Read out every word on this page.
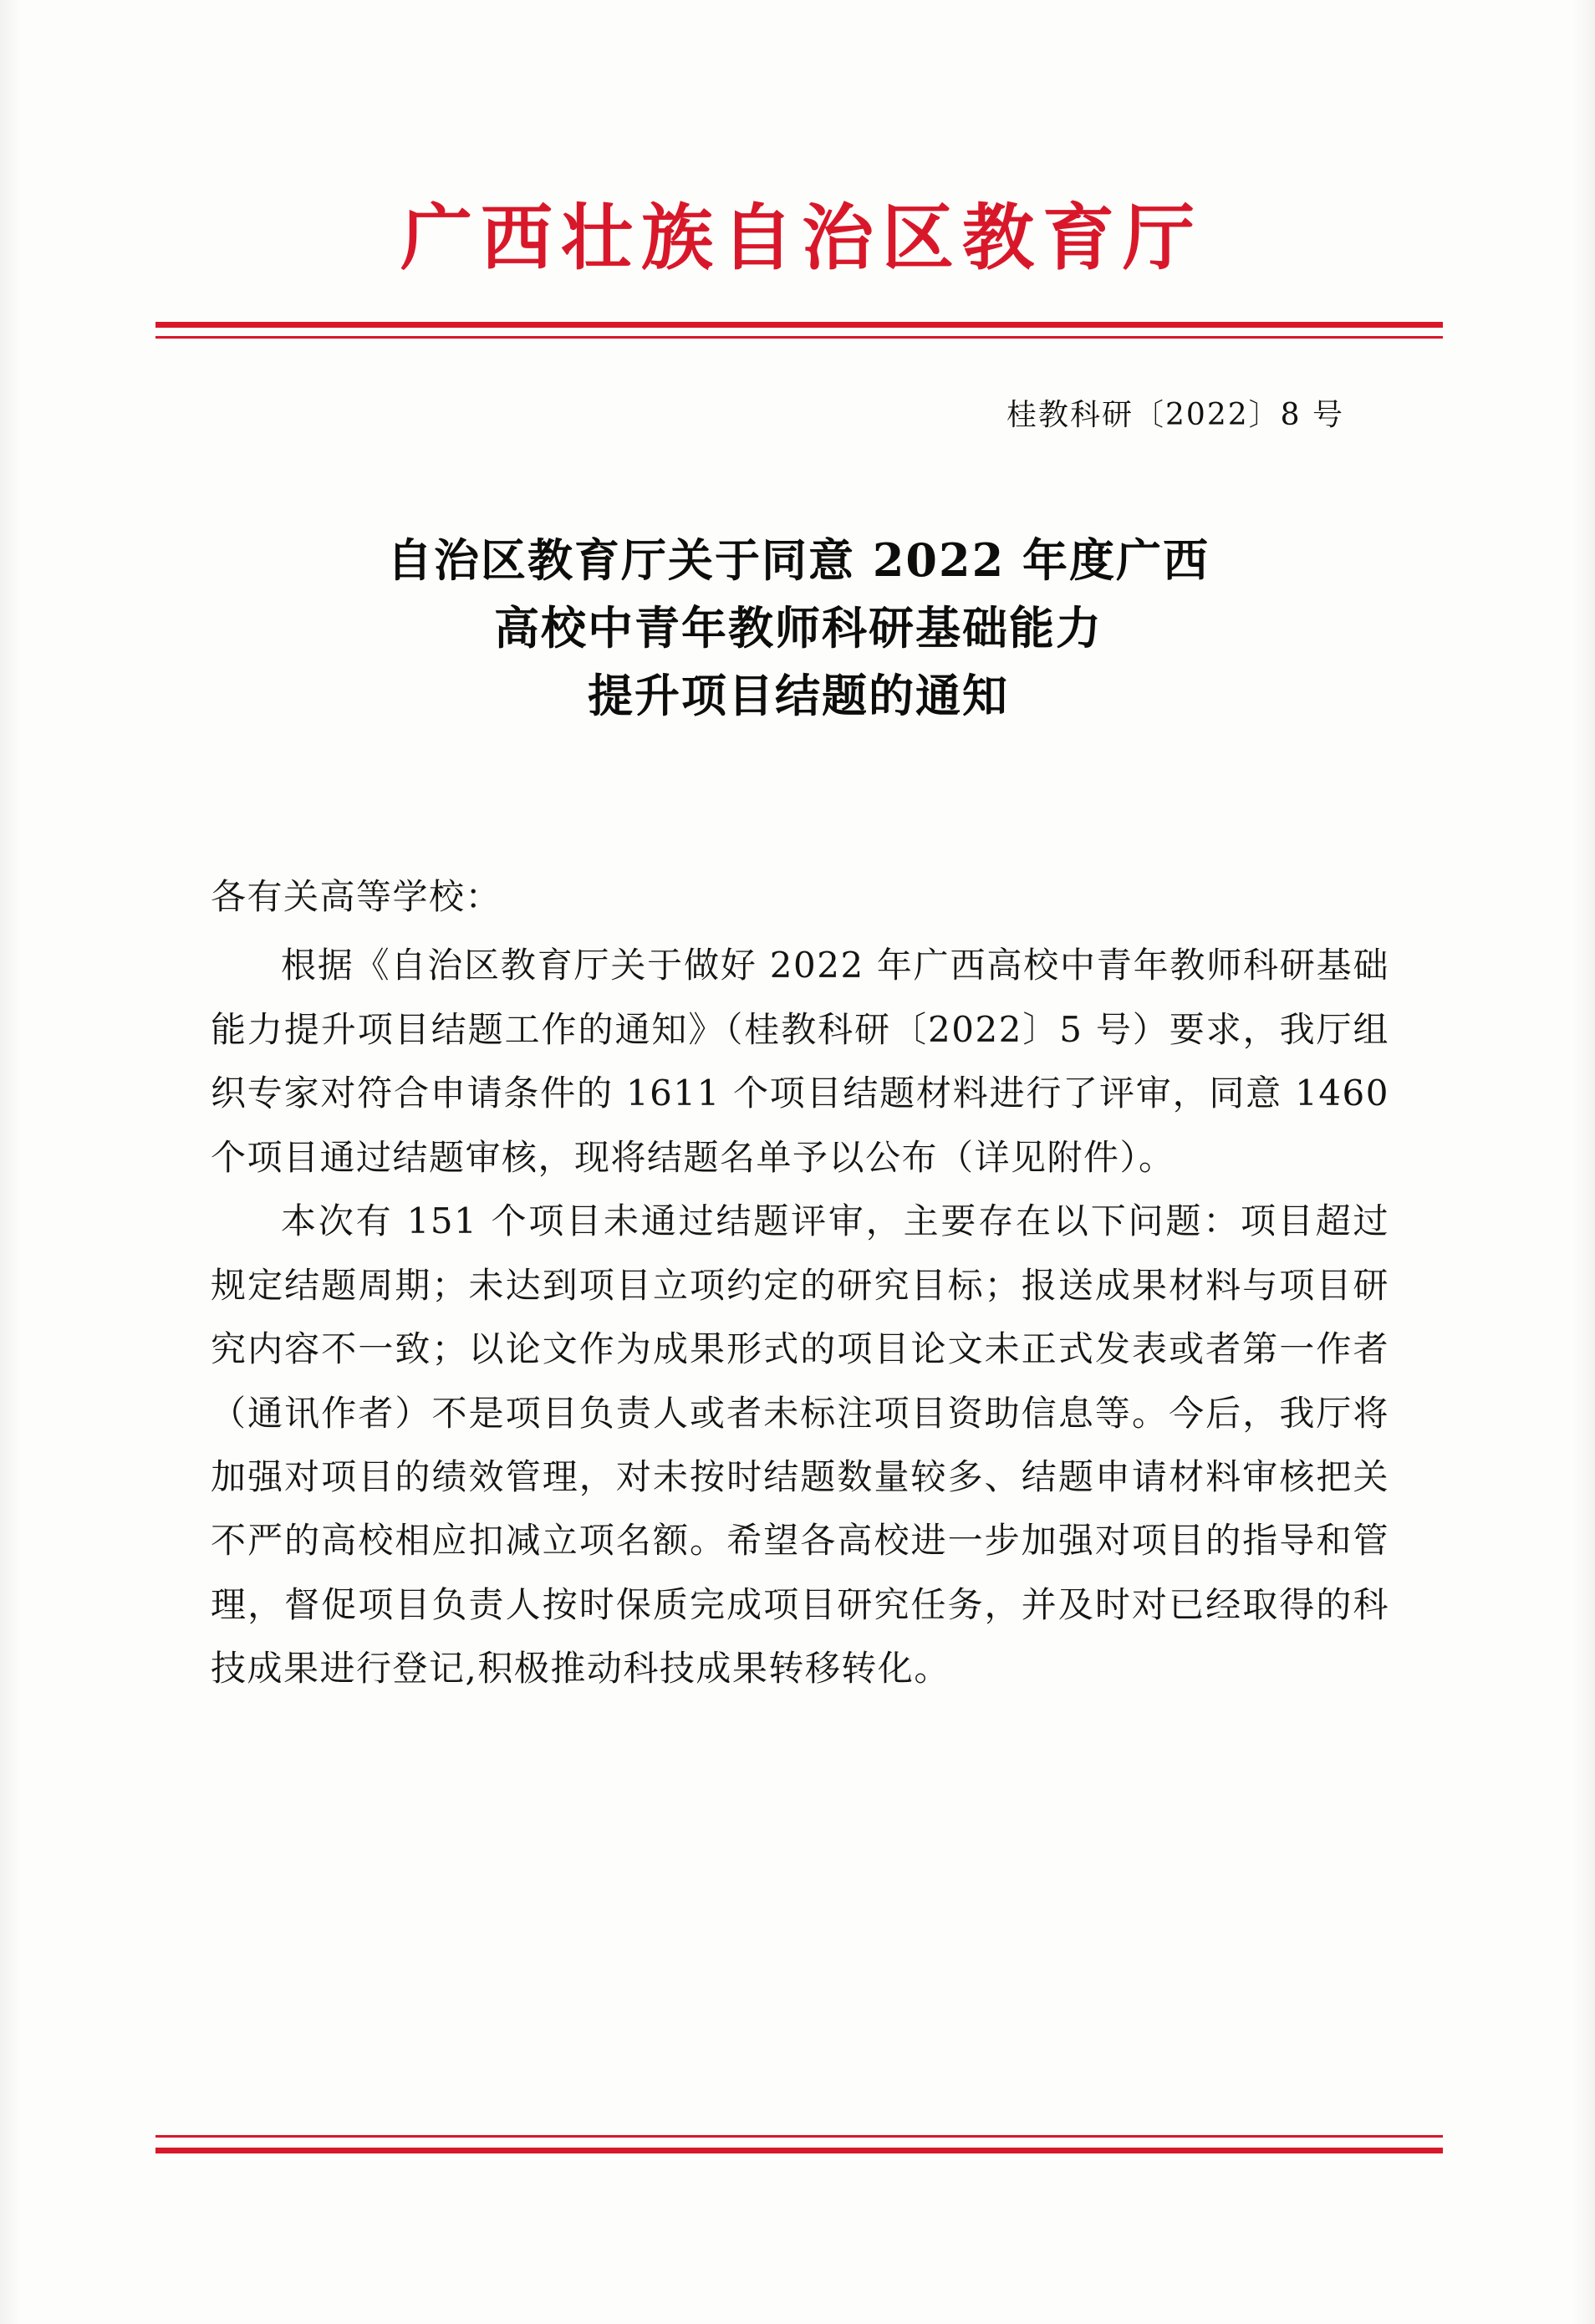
广西壮族自治区教育厅
桂教科研〔2022〕8 号
自治区教育厅关于同意 2022 年度广西
高校中青年教师科研基础能力
提升项目结题的通知

各有关高等学校：

根据《自治区教育厅关于做好 2022 年广西高校中青年教师科研基础能力提升项目结题工作的通知》（桂教科研〔2022〕5 号）要求，我厅组织专家对符合申请条件的 1611 个项目结题材料进行了评审，同意 1460 个项目通过结题审核，现将结题名单予以公布（详见附件）。

本次有 151 个项目未通过结题评审，主要存在以下问题：项目超过规定结题周期；未达到项目立项约定的研究目标；报送成果材料与项目研究内容不一致；以论文作为成果形式的项目论文未正式发表或者第一作者（通讯作者）不是项目负责人或者未标注项目资助信息等。今后，我厅将加强对项目的绩效管理，对未按时结题数量较多、结题申请材料审核把关不严的高校相应扣减立项名额。希望各高校进一步加强对项目的指导和管理，督促项目负责人按时保质完成项目研究任务，并及时对已经取得的科技成果进行登记,积极推动科技成果转移转化。
